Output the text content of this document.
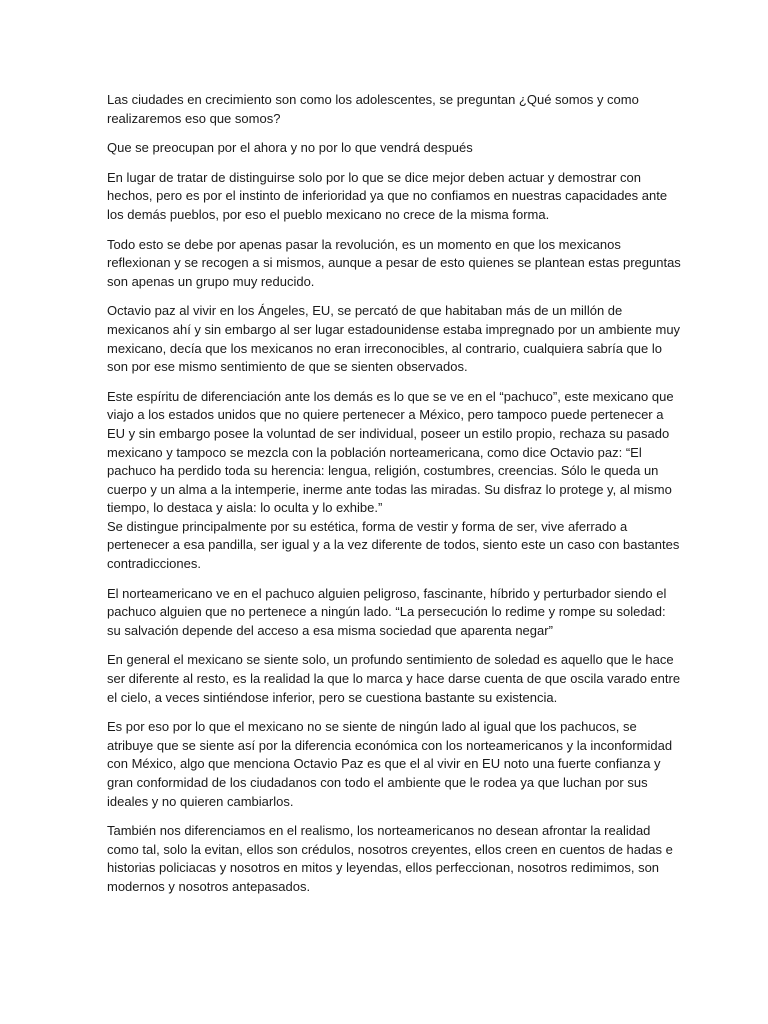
Las ciudades en crecimiento son como los adolescentes, se preguntan ¿Qué somos y como
realizaremos eso que somos?

Que se preocupan por el ahora y no por lo que vendrá después

En lugar de tratar de distinguirse solo por lo que se dice mejor deben actuar y demostrar con
hechos, pero es por el instinto de inferioridad ya que no confiamos en nuestras capacidades ante
los demás pueblos, por eso el pueblo mexicano no crece de la misma forma.

Todo esto se debe por apenas pasar la revolución, es un momento en que los mexicanos
reflexionan y se recogen a si mismos, aunque a pesar de esto quienes se plantean estas preguntas
son apenas un grupo muy reducido.

Octavio paz al vivir en los Ángeles, EU, se percató de que habitaban más de un millón de
mexicanos ahí y sin embargo al ser lugar estadounidense estaba impregnado por un ambiente muy
mexicano, decía que los mexicanos no eran irreconocibles, al contrario, cualquiera sabría que lo
son por ese mismo sentimiento de que se sienten observados.

Este espíritu de diferenciación ante los demás es lo que se ve en el “pachuco”, este mexicano que
viajo a los estados unidos que no quiere pertenecer a México, pero tampoco puede pertenecer a
EU y sin embargo posee la voluntad de ser individual, poseer un estilo propio, rechaza su pasado
mexicano y tampoco se mezcla con la población norteamericana, como dice Octavio paz: “El
pachuco ha perdido toda su herencia: lengua, religión, costumbres, creencias. Sólo le queda un
cuerpo y un alma a la intemperie, inerme ante todas las miradas. Su disfraz lo protege y, al mismo
tiempo, lo destaca y aisla: lo oculta y lo exhibe.”

Se distingue principalmente por su estética, forma de vestir y forma de ser, vive aferrado a
pertenecer a esa pandilla, ser igual y a la vez diferente de todos, siento este un caso con bastantes
contradicciones.

El norteamericano ve en el pachuco alguien peligroso, fascinante, híbrido y perturbador siendo el
pachuco alguien que no pertenece a ningún lado. “La persecución lo redime y rompe su soledad:
su salvación depende del acceso a esa misma sociedad que aparenta negar”

En general el mexicano se siente solo, un profundo sentimiento de soledad es aquello que le hace
ser diferente al resto, es la realidad la que lo marca y hace darse cuenta de que oscila varado entre
el cielo, a veces sintiéndose inferior, pero se cuestiona bastante su existencia.

Es por eso por lo que el mexicano no se siente de ningún lado al igual que los pachucos, se
atribuye que se siente así por la diferencia económica con los norteamericanos y la inconformidad
con México, algo que menciona Octavio Paz es que el al vivir en EU noto una fuerte confianza y
gran conformidad de los ciudadanos con todo el ambiente que le rodea ya que luchan por sus
ideales y no quieren cambiarlos.

También nos diferenciamos en el realismo, los norteamericanos no desean afrontar la realidad
como tal, solo la evitan, ellos son crédulos, nosotros creyentes, ellos creen en cuentos de hadas e
historias policiacas y nosotros en mitos y leyendas, ellos perfeccionan, nosotros redimimos, son
modernos y nosotros antepasados.
